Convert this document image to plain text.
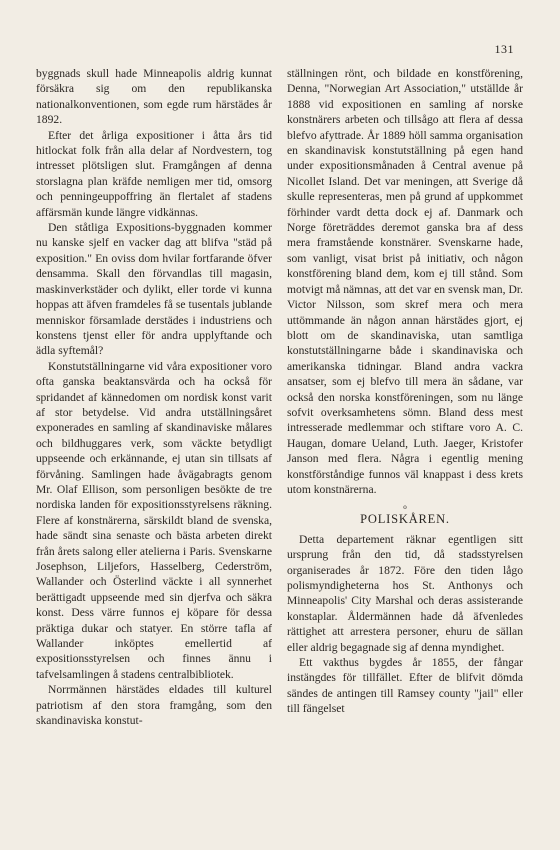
131

byggnads skull hade Minneapolis aldrig kunnat försäkra sig om den republikanska nationalkonventionen, som egde rum härstädes år 1892.

Efter det årliga expositioner i åtta års tid hitlockat folk från alla delar af Nordvestern, tog intresset plötsligen slut. Framgången af denna storslagna plan kräfde nemligen mer tid, omsorg och penningeuppoffring än flertalet af stadens affärsmän kunde längre vidkännas.

Den ståtliga Expositions-byggnaden kommer nu kanske sjelf en vacker dag att blifva "städ på exposition." En oviss dom hvilar fortfarande öfver densamma. Skall den förvandlas till magasin, maskinverkstäder och dylikt, eller torde vi kunna hoppas att äfven framdeles få se tusentals jublande menniskor församlade derstädes i industriens och konstens tjenst eller för andra upplyftande och ädla syftemål?

Konstutställningarne vid våra expositioner voro ofta ganska beaktansvärda och ha också för spridandet af kännedomen om nordisk konst varit af stor betydelse. Vid andra utställningsåret exponerades en samling af skandinaviske målares och bildhuggares verk, som väckte betydligt uppseende och erkännande, ej utan sin tillsats af förvåning. Samlingen hade åvägabragts genom Mr. Olaf Ellison, som personligen besökte de tre nordiska landen för expositionsstyrelsens räkning. Flere af konstnärerna, särskildt bland de svenska, hade sändt sina senaste och bästa arbeten direkt från årets salong eller atelierna i Paris. Svenskarne Josephson, Liljefors, Hasselberg, Cederström, Wallander och Österlind väckte i all synnerhet berättigadt uppseende med sin djerfva och säkra konst. Dess värre funnos ej köpare för dessa präktiga dukar och statyer. En större tafla af Wallander inköptes emellertid af expositionsstyrelsen och finnes ännu i tafvelsamlingen å stadens centralbibliotek.

Norrmännen härstädes eldades till kulturel patriotism af den stora framgång, som den skandinaviska konstut-

ställningen rönt, och bildade en konstförening, Denna, "Norwegian Art Association," utställde år 1888 vid expositionen en samling af norske konstnärers arbeten och tillsågo att flera af dessa blefvo afyttrade. År 1889 höll samma organisation en skandinavisk konstutställning på egen hand under expositionsmånaden å Central avenue på Nicollet Island. Det var meningen, att Sverige då skulle representeras, men på grund af uppkommet förhinder vardt detta dock ej af. Danmark och Norge företräddes deremot ganska bra af dess mera framstående konstnärer. Svenskarne hade, som vanligt, visat brist på initiativ, och någon konstförening bland dem, kom ej till stånd. Som motvigt må nämnas, att det var en svensk man, Dr. Victor Nilsson, som skref mera och mera uttömmande än någon annan härstädes gjort, ej blott om de skandinaviska, utan samtliga konstutställningarne både i skandinaviska och amerikanska tidningar. Bland andra vackra ansatser, som ej blefvo till mera än sådane, var också den norska konstföreningen, som nu länge sofvit overksamhetens sömn. Bland dess mest intresserade medlemmar och stiftare voro A. C. Haugan, domare Ueland, Luth. Jaeger, Kristofer Janson med flera. Några i egentlig mening konstförståndige funnos väl knappast i dess krets utom konstnärerna.

o
POLISKÅREN.

Detta departement räknar egentligen sitt ursprung från den tid, då stadsstyrelsen organiserades år 1872. Före den tiden lågo polismyndigheterna hos St. Anthonys och Minneapolis' City Marshal och deras assisterande konstaplar. Åldermännen hade då äfvenledes rättighet att arrestera personer, ehuru de sällan eller aldrig begagnade sig af denna myndighet.

Ett vakthus bygdes år 1855, der fångar instängdes för tillfället. Efter de blifvit dömda sändes de antingen till Ramsey county "jail" eller till fängelset
